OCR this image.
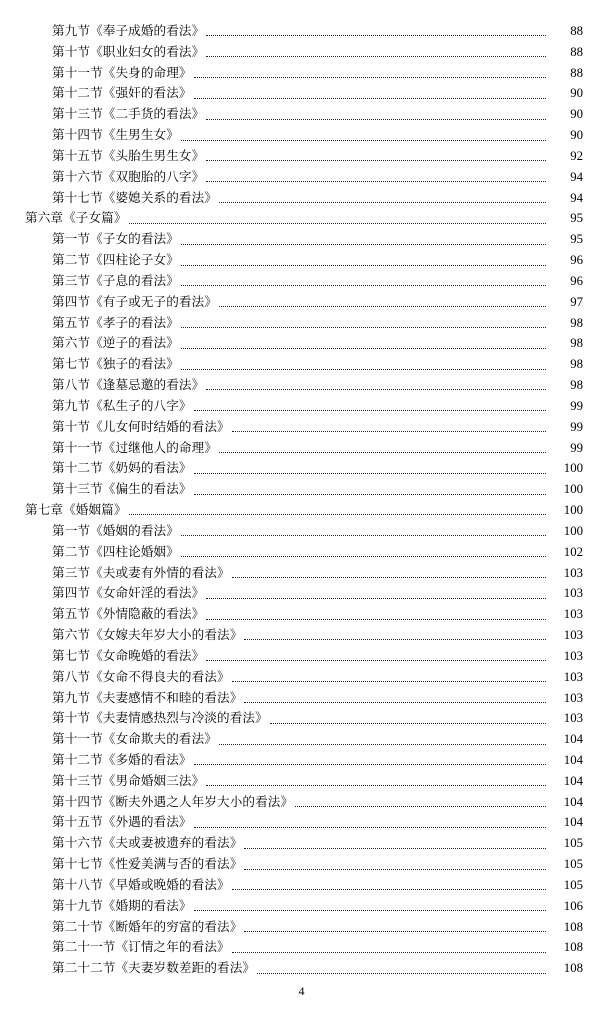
第九节《奉子成婚的看法》	88
第十节《职业妇女的看法》	88
第十一节《失身的命理》	88
第十二节《强奸的看法》	90
第十三节《二手货的看法》	90
第十四节《生男生女》	90
第十五节《头胎生男生女》	92
第十六节《双胞胎的八字》	94
第十七节《婆媳关系的看法》	94
第六章《子女篇》	95
第一节《子女的看法》	95
第二节《四柱论子女》	96
第三节《子息的看法》	96
第四节《有子或无子的看法》	97
第五节《孝子的看法》	98
第六节《逆子的看法》	98
第七节《独子的看法》	98
第八节《逢墓忌邀的看法》	98
第九节《私生子的八字》	99
第十节《儿女何时结婚的看法》	99
第十一节《过继他人的命理》	99
第十二节《奶妈的看法》	100
第十三节《偏生的看法》	100
第七章《婚姻篇》	100
第一节《婚姻的看法》	100
第二节《四柱论婚姻》	102
第三节《夫或妻有外情的看法》	103
第四节《女命奸淫的看法》	103
第五节《外情隐蔽的看法》	103
第六节《女嫁夫年岁大小的看法》	103
第七节《女命晚婚的看法》	103
第八节《女命不得良夫的看法》	103
第九节《夫妻感情不和睦的看法》	103
第十节《夫妻情感热烈与冷淡的看法》	103
第十一节《女命欺夫的看法》	104
第十二节《多婚的看法》	104
第十三节《男命婚姻三法》	104
第十四节《断夫外遇之人年岁大小的看法》	104
第十五节《外遇的看法》	104
第十六节《夫或妻被遗弃的看法》	105
第十七节《性爱美满与否的看法》	105
第十八节《早婚或晚婚的看法》	105
第十九节《婚期的看法》	106
第二十节《断婚年的穷富的看法》	108
第二十一节《订情之年的看法》	108
第二十二节《夫妻岁数差距的看法》	108
4
